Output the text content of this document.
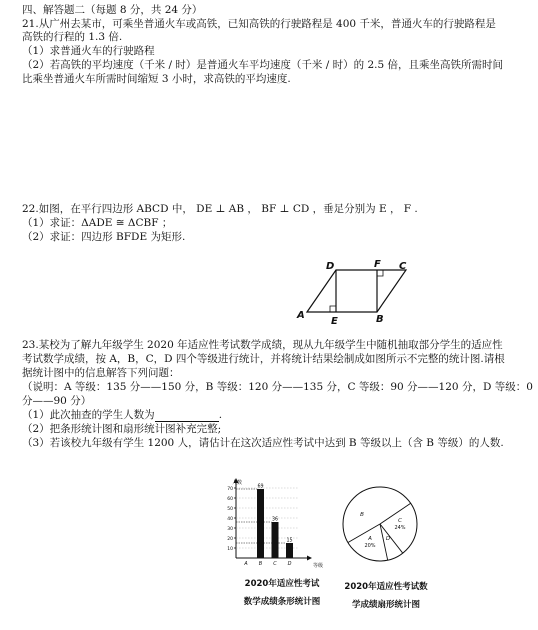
四、解答题二（每题 8 分，共 24 分）
21.从广州去某市，可乘坐普通火车或高铁，已知高铁的行驶路程是 400 千米，普通火车的行驶路程是
高铁的行程的 1.3 倍.
（1）求普通火车的行驶路程
（2）若高铁的平均速度（千米 / 时）是普通火车平均速度（千米 / 时）的 2.5 倍，且乘坐高铁所需时间
比乘坐普通火车所需时间缩短 3 小时，求高铁的平均速度.
22.如图，在平行四边形 ABCD 中， DE ⊥ AB ， BF ⊥ CD ，垂足分别为 E ， F .
（1）求证：ΔADE ≅ ΔCBF ；
（2）求证：四边形 BFDE 为矩形.
A
E	B
D	F C
23.某校为了解九年级学生 2020 年适应性考试数学成绩，现从九年级学生中随机抽取部分学生的适应性
考试数学成绩，按 A，B，C，D 四个等级进行统计，并将统计结果绘制成如图所示不完整的统计图.请根
据统计图中的信息解答下列问题：
（说明：A 等级：135 分——150 分，B 等级：120 分——135 分，C 等级：90 分——120 分，D 等级：0
分——90 分）
（1）此次抽查的学生人数为	.
（2）把条形统计图和扇形统计图补充完整;
（3）若该校九年级有学生 1200 人，请估计在这次适应性考试中达到 B 等级以上（含 B 等级）的人数.
10
20
30
40
50
60
70
人数
等级
A B
69
C
36
D
15
2020年适应性考试
数学成绩条形统计图
A
20%
B
C
24%
D
2020年适应性考试数
学成绩扇形统计图
